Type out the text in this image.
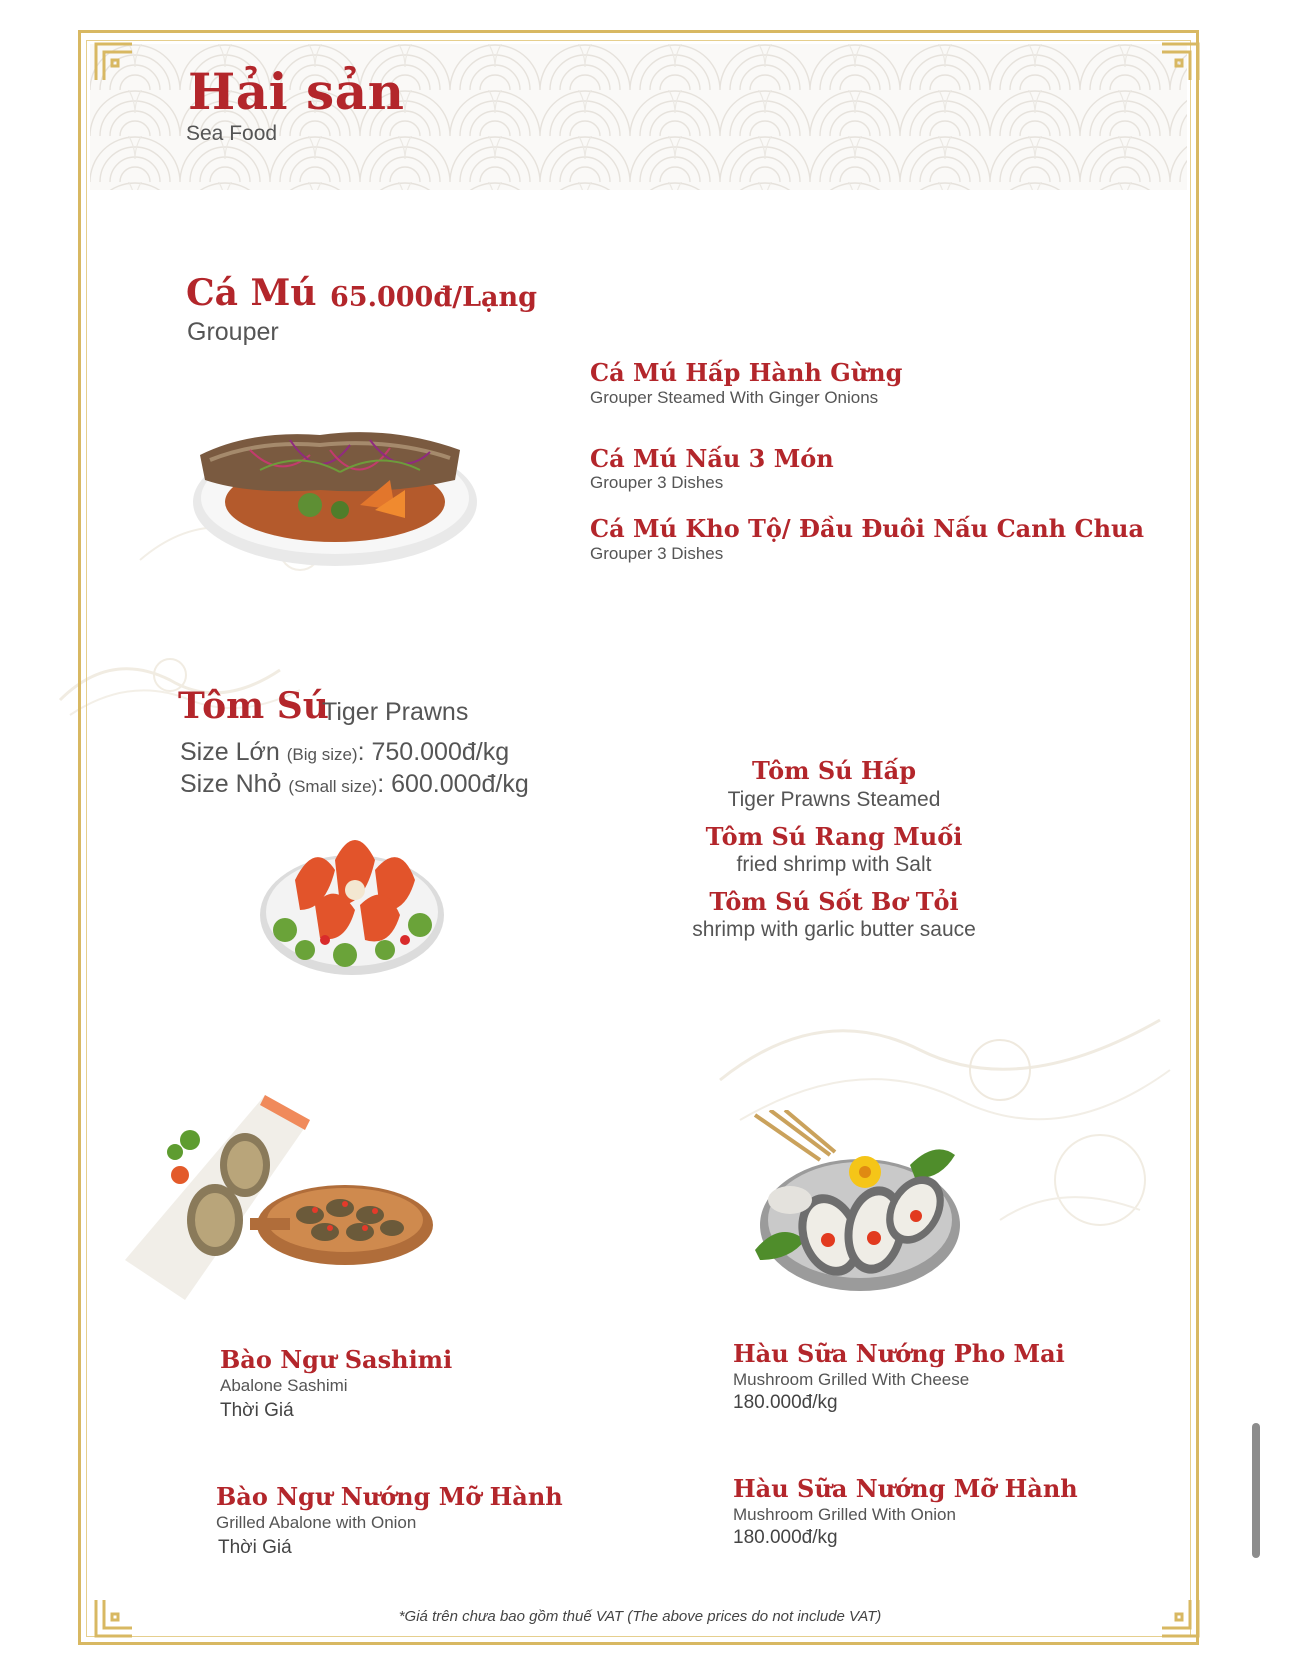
Hải sản
Sea Food
Cá Mú 65.000đ/Lạng
Grouper
Cá Mú Hấp Hành Gừng
Grouper Steamed With Ginger Onions
Cá Mú Nấu 3 Món
Grouper 3 Dishes
Cá Mú Kho Tộ/ Đầu Đuôi Nấu Canh Chua
Grouper 3 Dishes
Tôm Sú
Tiger Prawns
Size Lớn (Big size): 750.000đ/kg
Size Nhỏ (Small size): 600.000đ/kg	Tôm Sú Hấp
Tiger Prawns Steamed
Tôm Sú Rang Muối
fried shrimp with Salt
Tôm Sú Sốt Bơ Tỏi
shrimp with garlic butter sauce
Bào Ngư Sashimi
Abalone Sashimi
Thời Giá
Bào Ngư Nướng Mỡ Hành
Grilled Abalone with Onion
Thời Giá
Hàu Sữa Nướng Pho Mai
Mushroom Grilled With Cheese
180.000đ/kg
Hàu Sữa Nướng Mỡ Hành
Mushroom Grilled With Onion
180.000đ/kg
*Giá trên chưa bao gồm thuế VAT (The above prices do not include VAT)
